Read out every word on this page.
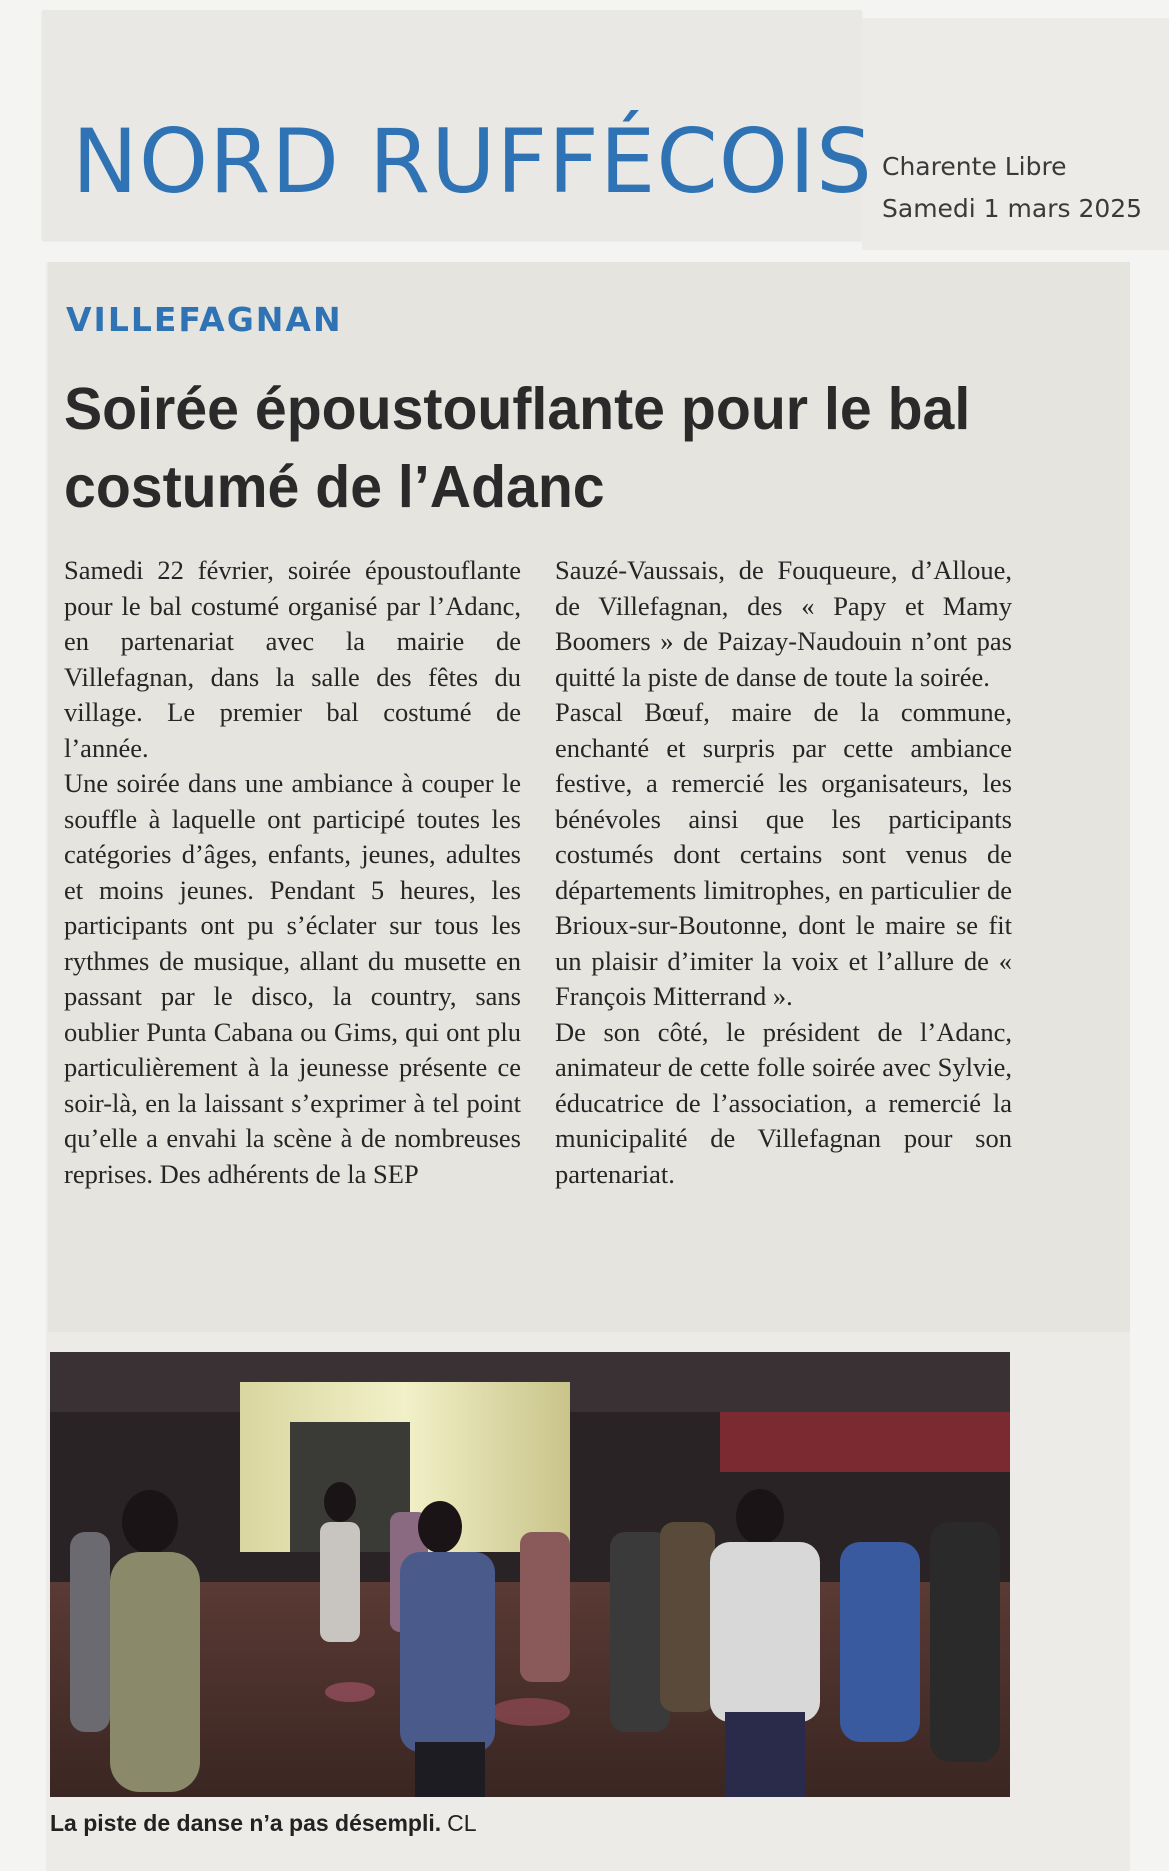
NORD RUFFÉCOIS Charente Libre

Samedi 1 mars 2025

VILLEFAGNAN

Soirée époustouflante pour le bal costumé de l’Adanc

Samedi 22 février, soirée époustouflante pour le bal costumé organisé par l’Adanc, en partenariat avec la mairie de Villefagnan, dans la salle des fêtes du village. Le premier bal costumé de l’année.

Une soirée dans une ambiance à couper le souffle à laquelle ont participé toutes les catégories d’âges, enfants, jeunes, adultes et moins jeunes. Pendant 5 heures, les participants ont pu s’éclater sur tous les rythmes de musique, allant du musette en passant par le disco, la country, sans oublier Punta Cabana ou Gims, qui ont plu particulièrement à la jeunesse présente ce soir-là, en la laissant s’exprimer à tel point qu’elle a envahi la scène à de nombreuses reprises. Des adhérents de la SEP

Sauzé-Vaussais, de Fouqueure, d’Alloue, de Villefagnan, des « Papy et Mamy Boomers » de Paizay-Naudouin n’ont pas quitté la piste de danse de toute la soirée.

Pascal Bœuf, maire de la commune, enchanté et surpris par cette ambiance festive, a remercié les organisateurs, les bénévoles ainsi que les participants costumés dont certains sont venus de départements limitrophes, en particulier de Brioux-sur-Boutonne, dont le maire se fit un plaisir d’imiter la voix et l’allure de « François Mitterrand ».

De son côté, le président de l’Adanc, animateur de cette folle soirée avec Sylvie, éducatrice de l’association, a remercié la municipalité de Villefagnan pour son partenariat.

La piste de danse n’a pas désempli. CL
